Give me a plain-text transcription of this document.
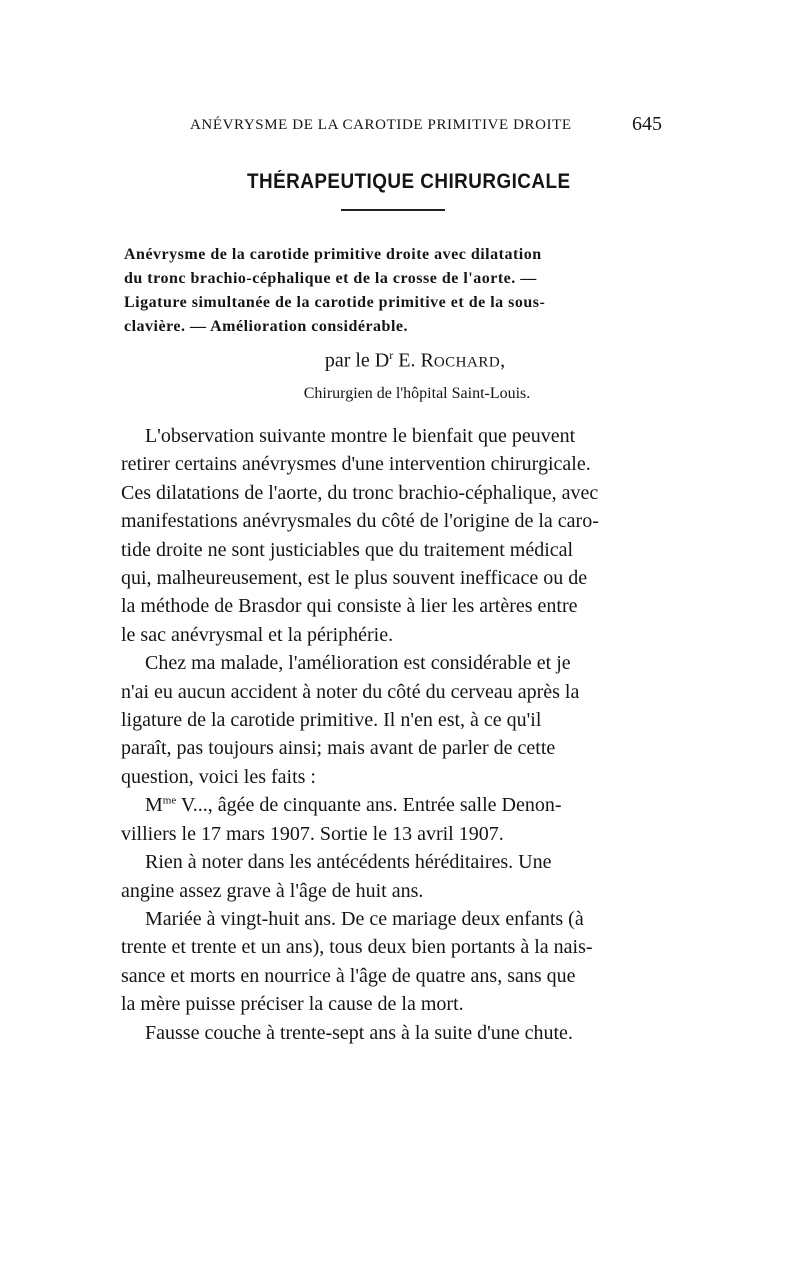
ANÉVRYSME DE LA CAROTIDE PRIMITIVE DROITE	645
THÉRAPEUTIQUE CHIRURGICALE
Anévrysme de la carotide primitive droite avec dilatation
du tronc brachio-céphalique et de la crosse de l'aorte. —
Ligature simultanée de la carotide primitive et de la sous-
clavière. — Amélioration considérable.
par le $D^r$ E. ROCHARD,
Chirurgien de l'hôpital Saint-Louis.
L'observation suivante montre le bienfait que peuvent
retirer certains anévrysmes d'une intervention chirurgicale.
Ces dilatations de l'aorte, du tronc brachio-céphalique, avec
manifestations anévrysmales du côté de l'origine de la caro-
tide droite ne sont justiciables que du traitement médical
qui, malheureusement, est le plus souvent inefficace ou de
la méthode de Brasdor qui consiste à lier les artères entre
le sac anévrysmal et la périphérie.
Chez ma malade, l'amélioration est considérable et je
n'ai eu aucun accident à noter du côté du cerveau après la
ligature de la carotide primitive. Il n'en est, à ce qu'il
paraît, pas toujours ainsi; mais avant de parler de cette
question, voici les faits :
$M^{me}$ V..., âgée de cinquante ans. Entrée salle Denon-
villiers le 17 mars 1907. Sortie le 13 avril 1907.
Rien à noter dans les antécédents héréditaires. Une
angine assez grave à l'âge de huit ans.
Mariée à vingt-huit ans. De ce mariage deux enfants (à
trente et trente et un ans), tous deux bien portants à la nais-
sance et morts en nourrice à l'âge de quatre ans, sans que
la mère puisse préciser la cause de la mort.
Fausse couche à trente-sept ans à la suite d'une chute.
